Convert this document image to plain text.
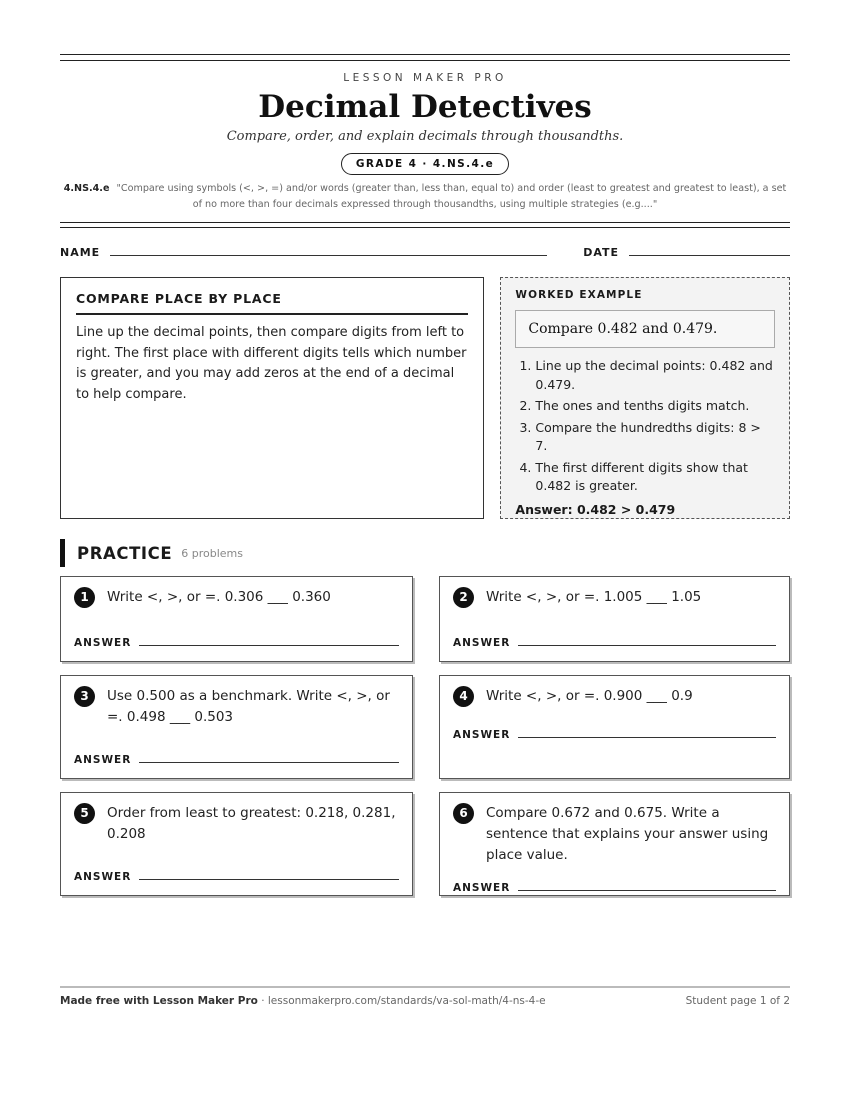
LESSON MAKER PRO
Decimal Detectives
Compare, order, and explain decimals through thousandths.
GRADE 4 · 4.NS.4.e
4.NS.4.e "Compare using symbols (<, >, =) and/or words (greater than, less than, equal to) and order (least to greatest and greatest to least), a set of no more than four decimals expressed through thousandths, using multiple strategies (e.g...."
NAME	DATE
COMPARE PLACE BY PLACE

Line up the decimal points, then compare digits from left to right. The first place with different digits tells which number is greater, and you may add zeros at the end of a decimal to help compare.

WORKED EXAMPLE
Compare 0.482 and 0.479.
1. Line up the decimal points: 0.482 and 0.479.
2. The ones and tenths digits match.
3. Compare the hundredths digits: 8 > 7.
4. The first different digits show that 0.482 is greater.
Answer: 0.482 > 0.479
PRACTICE 6 problems
1	Write <, >, or =. 0.306 ___ 0.360
ANSWER
2	Write <, >, or =. 1.005 ___ 1.05
ANSWER
3	Use 0.500 as a benchmark. Write <, >, or =. 0.498 ___ 0.503
ANSWER
4	Write <, >, or =. 0.900 ___ 0.9
ANSWER
5	Order from least to greatest: 0.218, 0.281, 0.208
ANSWER
6	Compare 0.672 and 0.675. Write a sentence that explains your answer using place value.
ANSWER
Made free with Lesson Maker Pro · lessonmakerpro.com/standards/va-sol-math/4-ns-4-e	Student page 1 of 2
